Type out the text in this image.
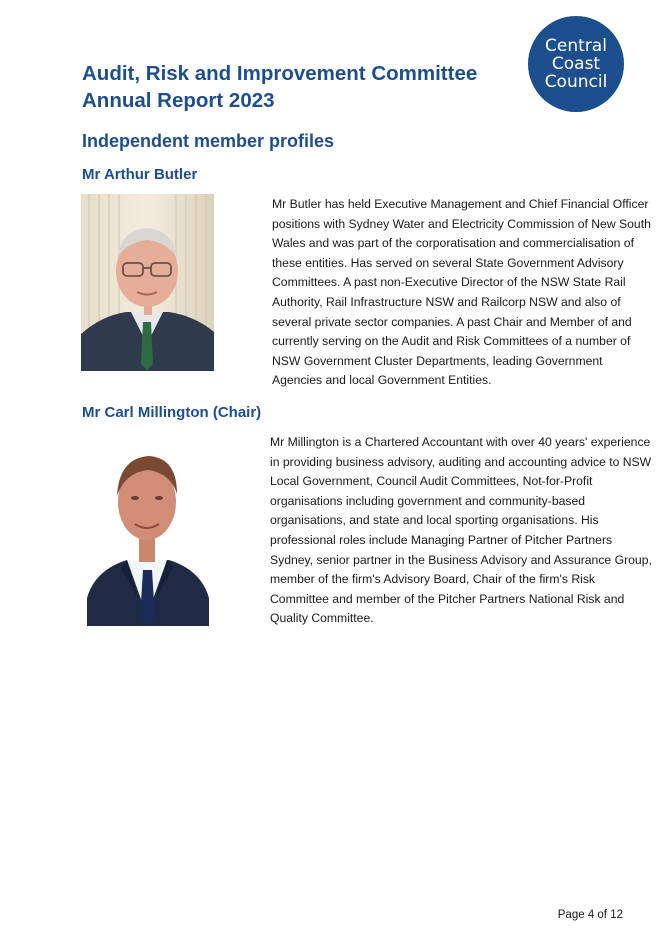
Audit, Risk and Improvement Committee
Annual Report 2023
Central
Coast
Council
Independent member profiles
Mr Arthur Butler

Mr Butler has held Executive Management and Chief Financial Officer positions with Sydney Water and Electricity Commission of New South Wales and was part of the corporatisation and commercialisation of these entities. Has served on several State Government Advisory Committees. A past non-Executive Director of the NSW State Rail Authority, Rail Infrastructure NSW and Railcorp NSW and also of several private sector companies. A past Chair and Member of and currently serving on the Audit and Risk Committees of a number of NSW Government Cluster Departments, leading Government Agencies and local Government Entities.

Mr Carl Millington (Chair)

Mr Millington is a Chartered Accountant with over 40 years' experience in providing business advisory, auditing and accounting advice to NSW Local Government, Council Audit Committees, Not-for-Profit organisations including government and community-based organisations, and state and local sporting organisations. His professional roles include Managing Partner of Pitcher Partners Sydney, senior partner in the Business Advisory and Assurance Group, member of the firm's Advisory Board, Chair of the firm's Risk Committee and member of the Pitcher Partners National Risk and Quality Committee.

Page 4 of 12
